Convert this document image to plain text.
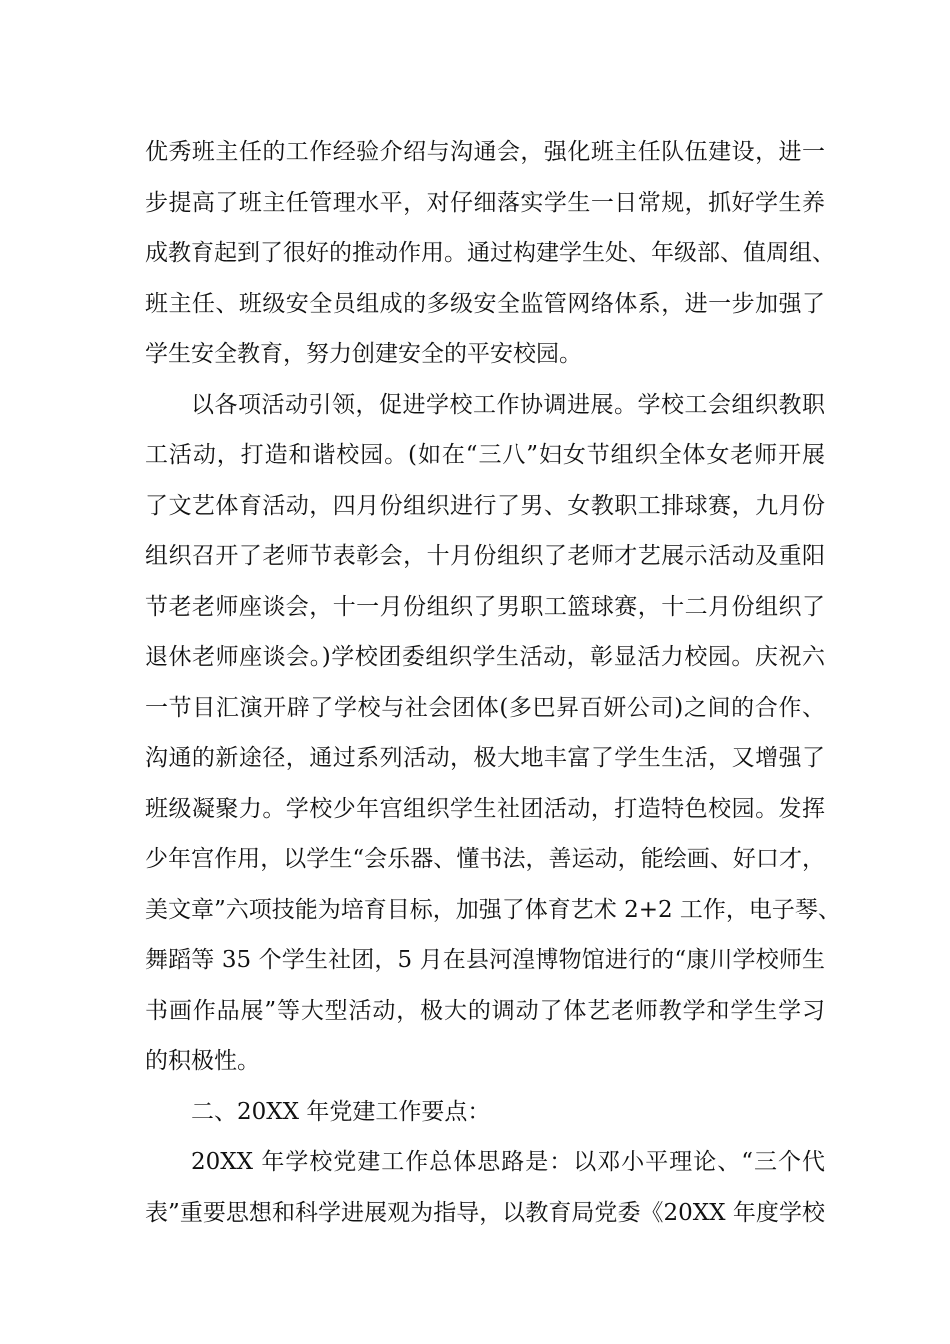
优秀班主任的工作经验介绍与沟通会，强化班主任队伍建设，进一
步提高了班主任管理水平，对仔细落实学生一日常规，抓好学生养
成教育起到了很好的推动作用。通过构建学生处、年级部、值周组、
班主任、班级安全员组成的多级安全监管网络体系，进一步加强了
学生安全教育，努力创建安全的平安校园。
以各项活动引领，促进学校工作协调进展。学校工会组织教职
工活动，打造和谐校园。(如在“三八”妇女节组织全体女老师开展
了文艺体育活动，四月份组织进行了男、女教职工排球赛，九月份
组织召开了老师节表彰会，十月份组织了老师才艺展示活动及重阳
节老老师座谈会，十一月份组织了男职工篮球赛，十二月份组织了
退休老师座谈会。)学校团委组织学生活动，彰显活力校园。庆祝六
一节目汇演开辟了学校与社会团体(多巴昇百妍公司)之间的合作、
沟通的新途径，通过系列活动，极大地丰富了学生生活，又增强了
班级凝聚力。学校少年宫组织学生社团活动，打造特色校园。发挥
少年宫作用，以学生“会乐器、懂书法，善运动，能绘画、好口才，
美文章”六项技能为培育目标，加强了体育艺术 2+2 工作，电子琴、
舞蹈等 35 个学生社团，5 月在县河湟博物馆进行的“康川学校师生
书画作品展”等大型活动，极大的调动了体艺老师教学和学生学习
的积极性。
二、20XX 年党建工作要点：
20XX 年学校党建工作总体思路是：以邓小平理论、“三个代
表”重要思想和科学进展观为指导，以教育局党委《20XX 年度学校
